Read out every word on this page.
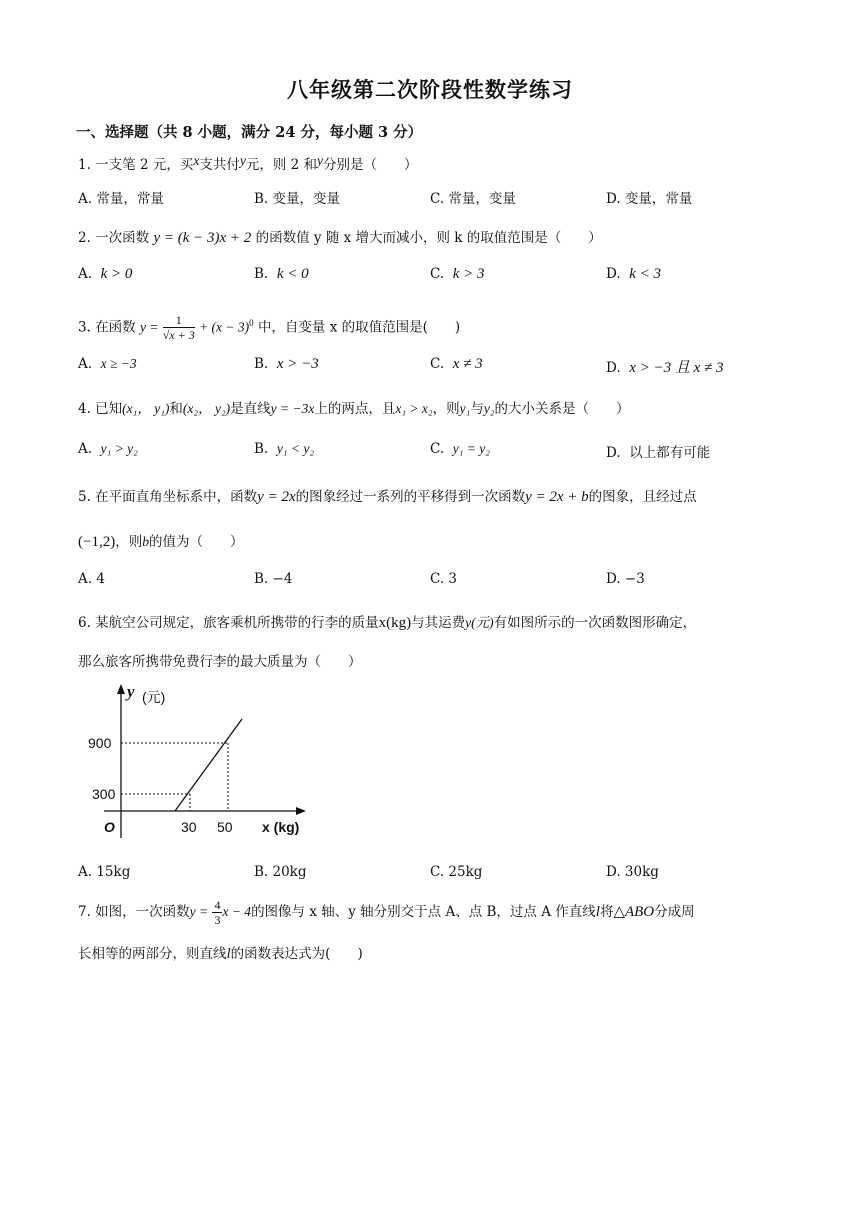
八年级第二次阶段性数学练习
一、选择题（共 8 小题，满分 24 分，每小题 3 分）
1. 一支笔 2 元，买x支共付y元，则 2 和y分别是（　　）
A. 常量，常量	B. 变量，变量	C. 常量，变量	D. 变量，常量
2. 一次函数 y = (k − 3)x + 2 的函数值 y 随 x 增大而减小，则 k 的取值范围是（　　）
A. k > 0	B. k < 0	C. k > 3	D. k < 3
3. 在函数 $y = \frac{1}{√x + 3} + (x - 3)^0$ 中，自变量 x 的取值范围是(　　)
A. x ≥ −3	B. x > −3	C. x ≠ 3	D. x > −3 且 x ≠ 3
4. 已知(x₁， y₁)和(x₂， y₂)是直线y = −3x上的两点，且x₁ > x₂，则y₁与y₂的大小关系是（　　）
A. y₁ > y₂	B. y₁ < y₂	C. y₁ = y₂	D. 以上都有可能
5. 在平面直角坐标系中，函数y = 2x的图象经过一系列的平移得到一次函数y = 2x + b的图象，且经过点
(−1,2)，则b的值为（　　）
A. 4	B. −4	C. 3	D. −3
6. 某航空公司规定，旅客乘机所携带的行李的质量x(kg)与其运费y(元)有如图所示的一次函数图形确定，
那么旅客所携带免费行李的最大质量为（　　）
y (元)
900
300
O	30 50 x (kg)
A. 15kg	B. 20kg	C. 25kg	D. 30kg
7. 如图，一次函数$y = \frac{4}{3}$ x − 4的图像与 x 轴、y 轴分别交于点 A、点 B，过点 A 作直线l将△ABO分成周
长相等的两部分，则直线l的函数表达式为(　　)
